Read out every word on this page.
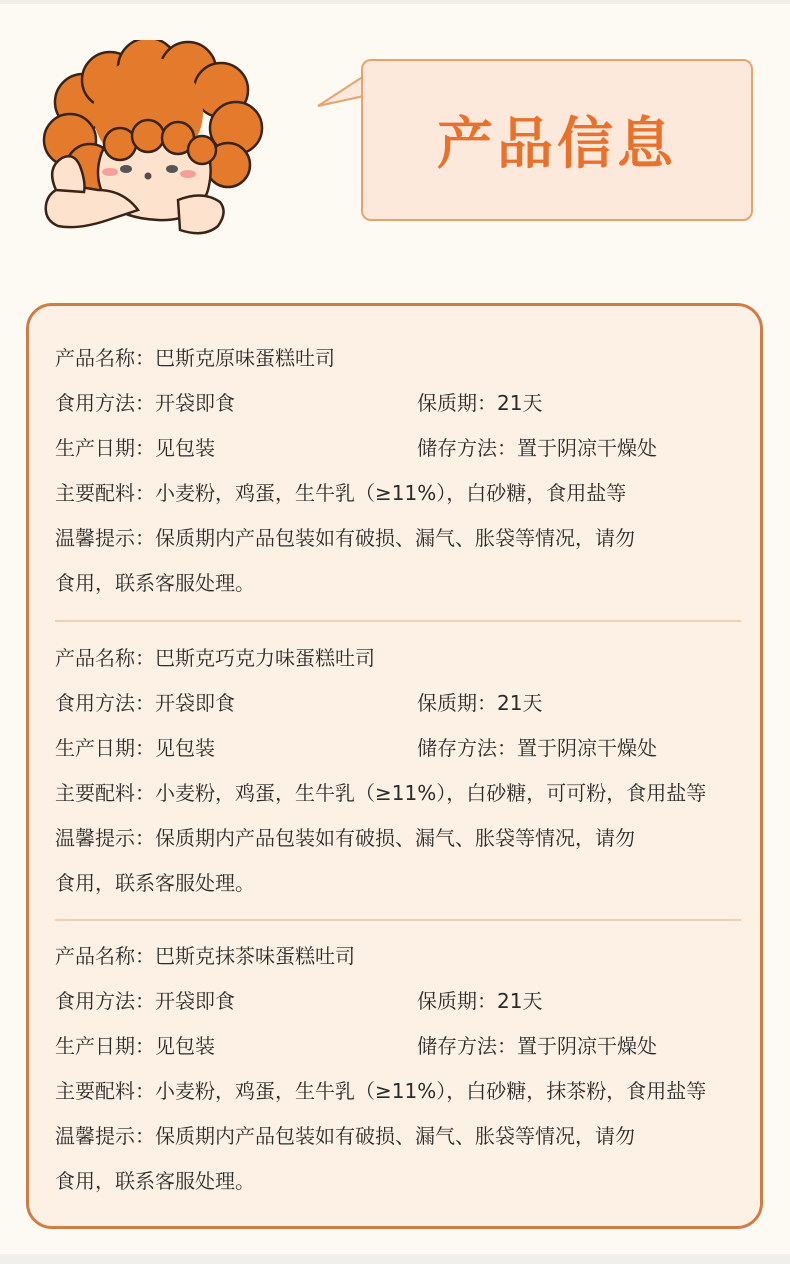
产品信息
产品名称：巴斯克原味蛋糕吐司
食用方法：开袋即食	保质期：21天
生产日期：见包装	储存方法：置于阴凉干燥处
主要配料：小麦粉，鸡蛋，生牛乳（≥11%），白砂糖，食用盐等
温馨提示：保质期内产品包装如有破损、漏气、胀袋等情况，请勿
食用，联系客服处理。
产品名称：巴斯克巧克力味蛋糕吐司
食用方法：开袋即食	保质期：21天
生产日期：见包装	储存方法：置于阴凉干燥处
主要配料：小麦粉，鸡蛋，生牛乳（≥11%），白砂糖，可可粉，食用盐等
温馨提示：保质期内产品包装如有破损、漏气、胀袋等情况，请勿
食用，联系客服处理。
产品名称：巴斯克抹茶味蛋糕吐司
食用方法：开袋即食	保质期：21天
生产日期：见包装	储存方法：置于阴凉干燥处
主要配料：小麦粉，鸡蛋，生牛乳（≥11%），白砂糖，抹茶粉，食用盐等
温馨提示：保质期内产品包装如有破损、漏气、胀袋等情况，请勿
食用，联系客服处理。
